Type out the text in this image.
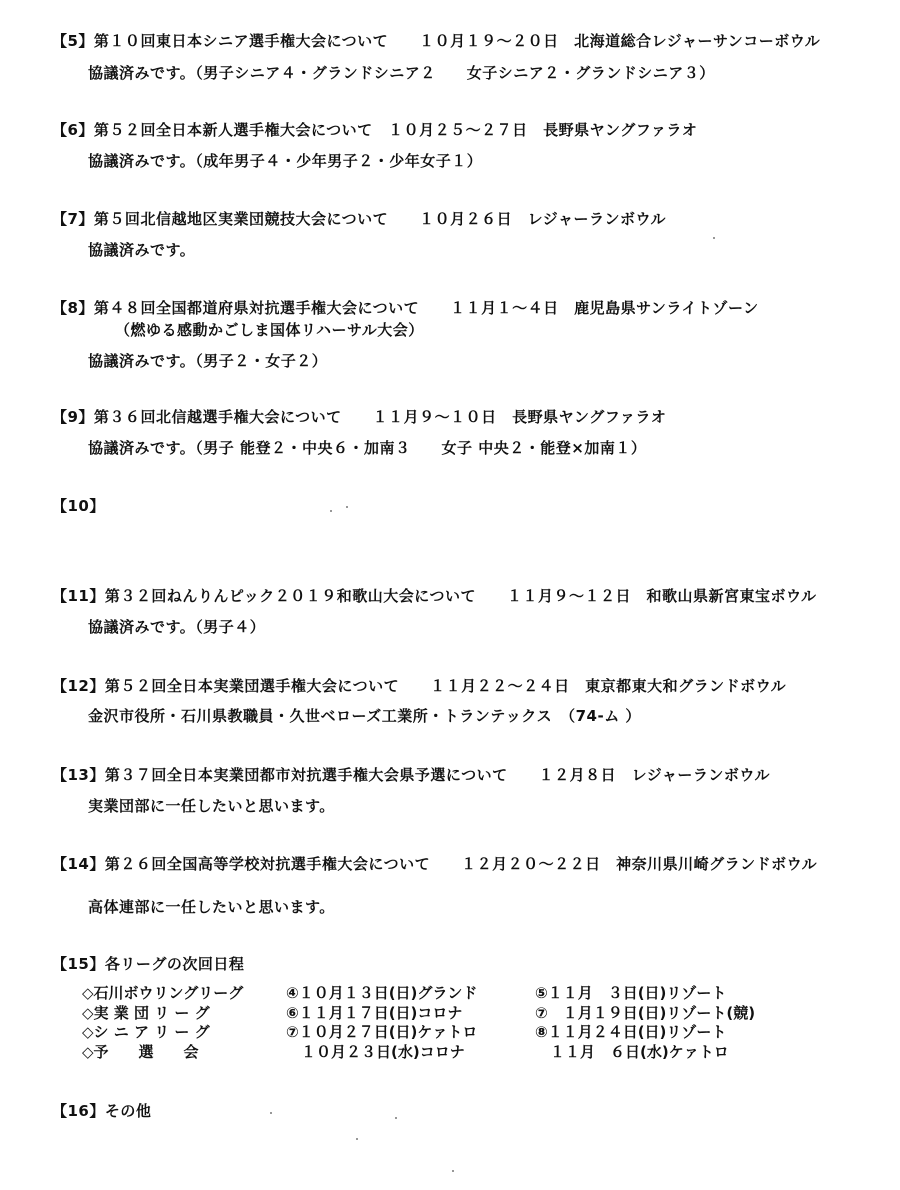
【5】第１０回東日本シニア選手権大会について　　１０月１９～２０日　北海道総合レジャーサンコーボウル
協議済みです。（男子シニア４・グランドシニア２　　女子シニア２・グランドシニア３）
【6】第５２回全日本新人選手権大会について　１０月２５～２７日　長野県ヤングファラオ
協議済みです。（成年男子４・少年男子２・少年女子１）
【7】第５回北信越地区実業団競技大会について　　１０月２６日　レジャーランボウル
協議済みです。
【8】第４８回全国都道府県対抗選手権大会について　　１１月１～４日　鹿児島県サンライトゾーン
（燃ゆる感動かごしま国体リハーサル大会）
協議済みです。（男子２・女子２）
【9】第３６回北信越選手権大会について　　１１月９～１０日　長野県ヤングファラオ
協議済みです。（男子 能登２・中央６・加南３　　女子 中央２・能登×加南１）
【10】
【11】第３２回ねんりんピック２０１９和歌山大会について　　１１月９～１２日　和歌山県新宮東宝ボウル
協議済みです。（男子４）
【12】第５２回全日本実業団選手権大会について　　１１月２２～２４日　東京都東大和グランドボウル
金沢市役所・石川県教職員・久世ベローズ工業所・トランテックス　（74-ム ）
【13】第３７回全日本実業団都市対抗選手権大会県予選について　　１２月８日　レジャーランボウル
実業団部に一任したいと思います。
【14】第２６回全国高等学校対抗選手権大会について　　１２月２０～２２日　神奈川県川崎グランドボウル
高体連部に一任したいと思います。
【15】各リーグの次回日程
◇石川ボウリングリーグ	④１０月１３日(日)グランド	⑤１１月　３日(日)リゾート
◇実 業 団 リ ー グ	⑥１１月１７日(日)コロナ	⑦　１月１９日(日)リゾート(競)
◇シ ニ ア リ ー グ	⑦１０月２７日(日)ケァトロ	⑧１１月２４日(日)リゾート
◇予　　選　　会	　１０月２３日(水)コロナ	　１１月　６日(水)ケァトロ
【16】その他
